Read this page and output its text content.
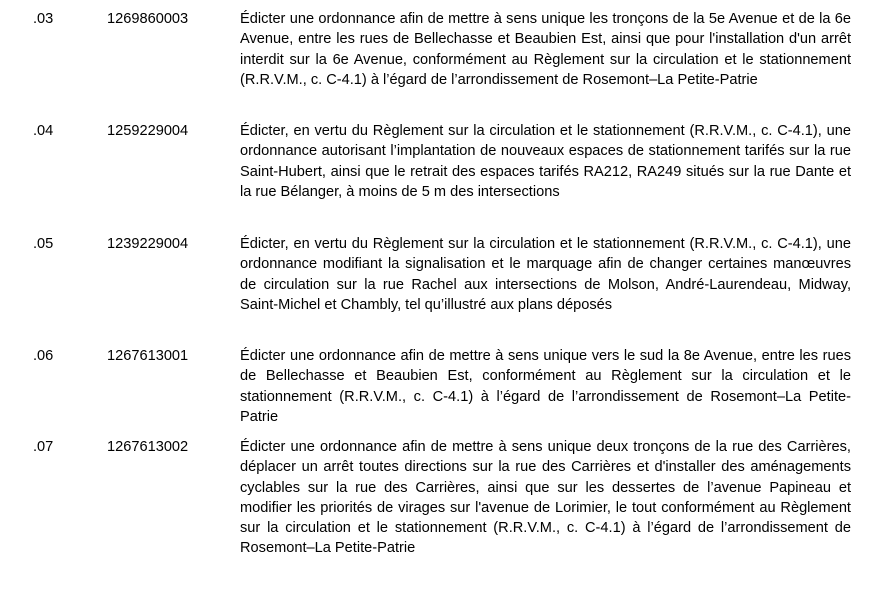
.03	1269860003	Édicter une ordonnance afin de mettre à sens unique les tronçons de la 5e Avenue et de la 6e Avenue, entre les rues de Bellechasse et Beaubien Est, ainsi que pour l'installation d'un arrêt interdit sur la 6e Avenue, conformément au Règlement sur la circulation et le stationnement (R.R.V.M., c. C-4.1) à l’égard de l’arrondissement de Rosemont–La Petite-Patrie

.04	1259229004	Édicter, en vertu du Règlement sur la circulation et le stationnement (R.R.V.M., c. C-4.1), une ordonnance autorisant l’implantation de nouveaux espaces de stationnement tarifés sur la rue Saint-Hubert, ainsi que le retrait des espaces tarifés RA212, RA249 situés sur la rue Dante et la rue Bélanger, à moins de 5 m des intersections

.05	1239229004	Édicter, en vertu du Règlement sur la circulation et le stationnement (R.R.V.M., c. C-4.1), une ordonnance modifiant la signalisation et le marquage afin de changer certaines manœuvres de circulation sur la rue Rachel aux intersections de Molson, André-Laurendeau, Midway, Saint-Michel et Chambly, tel qu’illustré aux plans déposés

.06	1267613001	Édicter une ordonnance afin de mettre à sens unique vers le sud la 8e Avenue, entre les rues de Bellechasse et Beaubien Est, conformément au Règlement sur la circulation et le stationnement (R.R.V.M., c. C-4.1) à l’égard de l’arrondissement de Rosemont–La Petite-Patrie

.07	1267613002	Édicter une ordonnance afin de mettre à sens unique deux tronçons de la rue des Carrières, déplacer un arrêt toutes directions sur la rue des Carrières et d'installer des aménagements cyclables sur la rue des Carrières, ainsi que sur les dessertes de l’avenue Papineau et modifier les priorités de virages sur l'avenue de Lorimier, le tout conformément au Règlement sur la circulation et le stationnement (R.R.V.M., c. C-4.1) à l’égard de l’arrondissement de Rosemont–La Petite-Patrie
